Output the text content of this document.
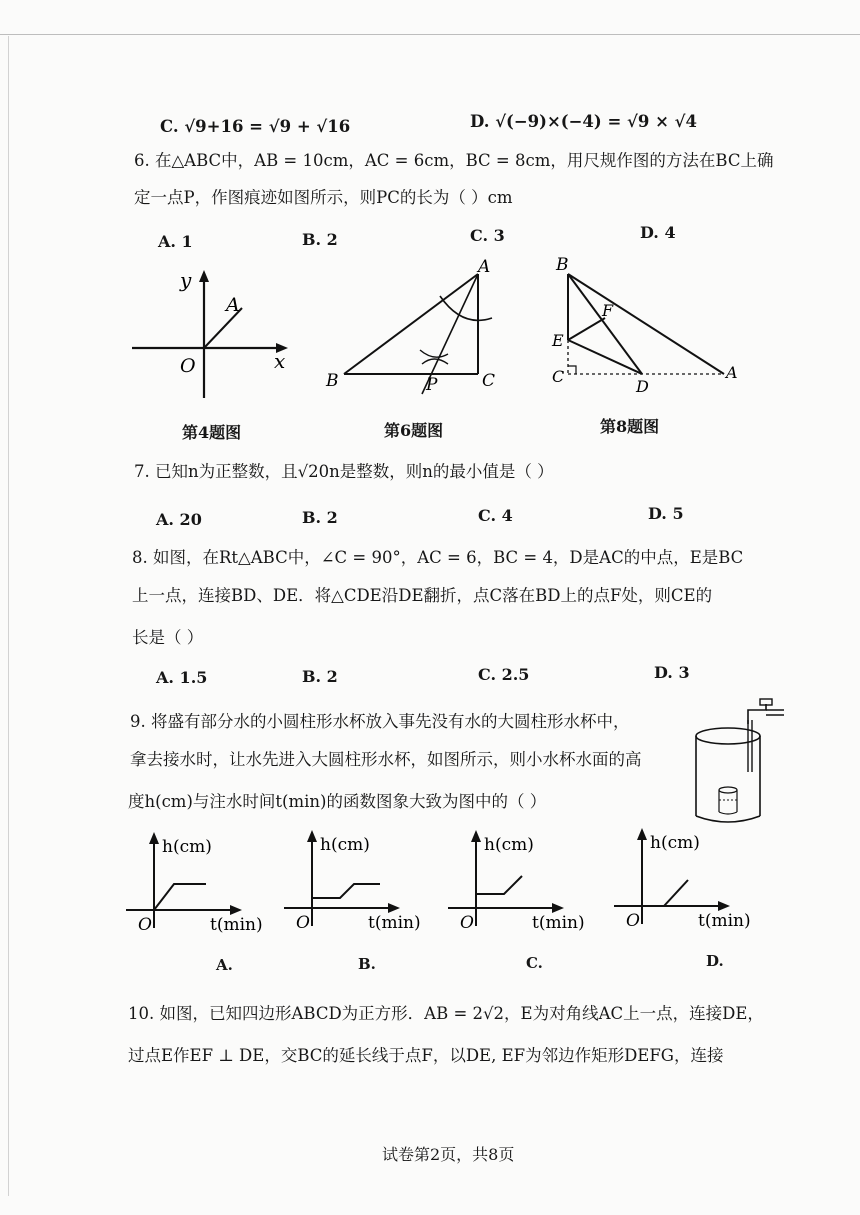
C. √9+16 = √9 + √16	D. √(−9)×(−4) = √9 × √4
6. 在△ABC中，AB = 10cm，AC = 6cm，BC = 8cm，用尺规作图的方法在BC上确
定一点P，作图痕迹如图所示，则PC的长为（ ）cm
A. 1	B. 2	C. 3	D. 4
y
A
O	x
第4题图
A
B	P	C
第6题图
B
F
E
C
D
A
第8题图
7. 已知n为正整数，且√20n是整数，则n的最小值是（ ）
A. 20	B. 2	C. 4	D. 5
8. 如图，在Rt△ABC中，∠C = 90°，AC = 6，BC = 4，D是AC的中点，E是BC
上一点，连接BD、DE．将△CDE沿DE翻折，点C落在BD上的点F处，则CE的
长是（ ）
A. 1.5	B. 2	C. 2.5	D. 3
9. 将盛有部分水的小圆柱形水杯放入事先没有水的大圆柱形水杯中，
拿去接水时，让水先进入大圆柱形水杯，如图所示，则小水杯水面的高
度h(cm)与注水时间t(min)的函数图象大致为图中的（ ）
h(cm)
O	t(min)
h(cm)
O	t(min)
h(cm)
O	t(min)
h(cm)
O	t(min)
A.	B.	C.	D.
10. 如图，已知四边形ABCD为正方形．AB = 2√2，E为对角线AC上一点，连接DE，
过点E作EF ⊥ DE，交BC的延长线于点F，以DE, EF为邻边作矩形DEFG，连接
试卷第2页，共8页
